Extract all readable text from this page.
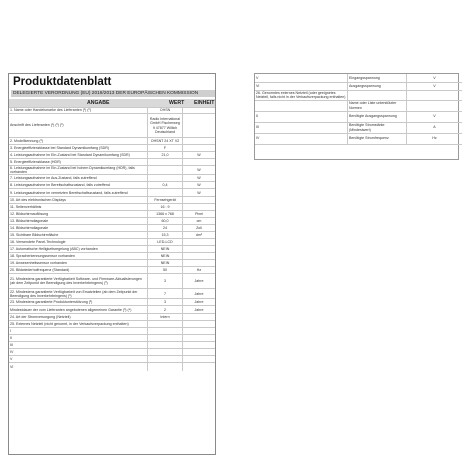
Produktdatenblatt
DELEGIERTE VERORDNUNG (EU) 2019/2013 DER EUROPÄISCHEN KOMMISSION
ANGABE	WERT EINHEIT
1. Name oder Handelsmarke des Lieferanten (¹) (²)	OHSN	
Anschrift des Lieferanten (¹) (²) (³)	Radio International GmbH Fischerweg 9 47877 Willich Deutschland	
2. Modellkennung (²)	OHSNT 24 XT V2	
3. Energieeffizienzklasse bei Standard Dynamikumfang (SDR)	F	
4. Leistungsaufnahme im Ein-Zustand bei Standard Dynamikumfang (SDR)	21,0	W
5. Energieeffizienzklasse (HDR)		
6. Leistungsaufnahme im Ein-Zustand bei hohem Dynamikumfang (HDR), falls vorhanden		W
7. Leistungsaufnahme im Aus-Zustand, falls zutreffend		W
8. Leistungsaufnahme im Bereitschaftszustand, falls zutreffend	0,4	W
9. Leistungsaufnahme im vernetzten Bereitschaftszustand, falls zutreffend		W
10. Art des elektronischen Displays	Fernsehgerät	
11. Seitenverhältnis	16 : 9	
12. Bildschirmauflösung	1366 x 768	Pixel
13. Bildschirmdiagonale	60,0	cm
14. Bildschirmdiagonale	24	Zoll
15. Sichtbare Bildschirmfläche	15,3	dm²
16. Verwendete Panel-Technologie	LED-LCD	
17. Automatische Helligkeitsregelung (ABC) vorhanden	NEIN	
18. Spracherkennungssensor vorhanden	NEIN	
19. Anwesenheitssensor vorhanden	NEIN	
20. Bildwiederholfrequenz (Standard)	50	Hz
21. Mindestens garantierte Verfügbarkeit Software- und Firmware-Aktualisierungen (ab dem Zeitpunkt der Beendigung des Inverkehrbringens) (³)	3	Jahre
22. Mindestens garantierte Verfügbarkeit von Ersatzteilen (ab dem Zeitpunkt der Beendigung des Inverkehrbringens) (³)	7	Jahre
23. Mindestens garantierte Produktunterstützung (³)	3	Jahre
Mindestdauer der vom Lieferanten angebotenen allgemeinen Garantie (³) (⁴)	2	Jahre
24. Art der Stromversorgung (Netzteil)	Intern	
25. Externes Netzteil (nicht genormt, in der Verkaufsverpackung enthalten)		
I		
II		
III		
IV		
V		
VI		
V	Eingangsspannung	V
VI	Ausgangsspannung	V
26. Genormtes externes Netzteil (oder geeignetes Netzteil, falls nicht in der Verkaufsverpackung enthalten)		
	Name oder Liste unterstützter Normen	
II	Benötigte Ausgangsspannung	V
III	Benötigte Stromstärke (Mindestwert)	A
IV	Benötigte Stromfrequenz	Hz
